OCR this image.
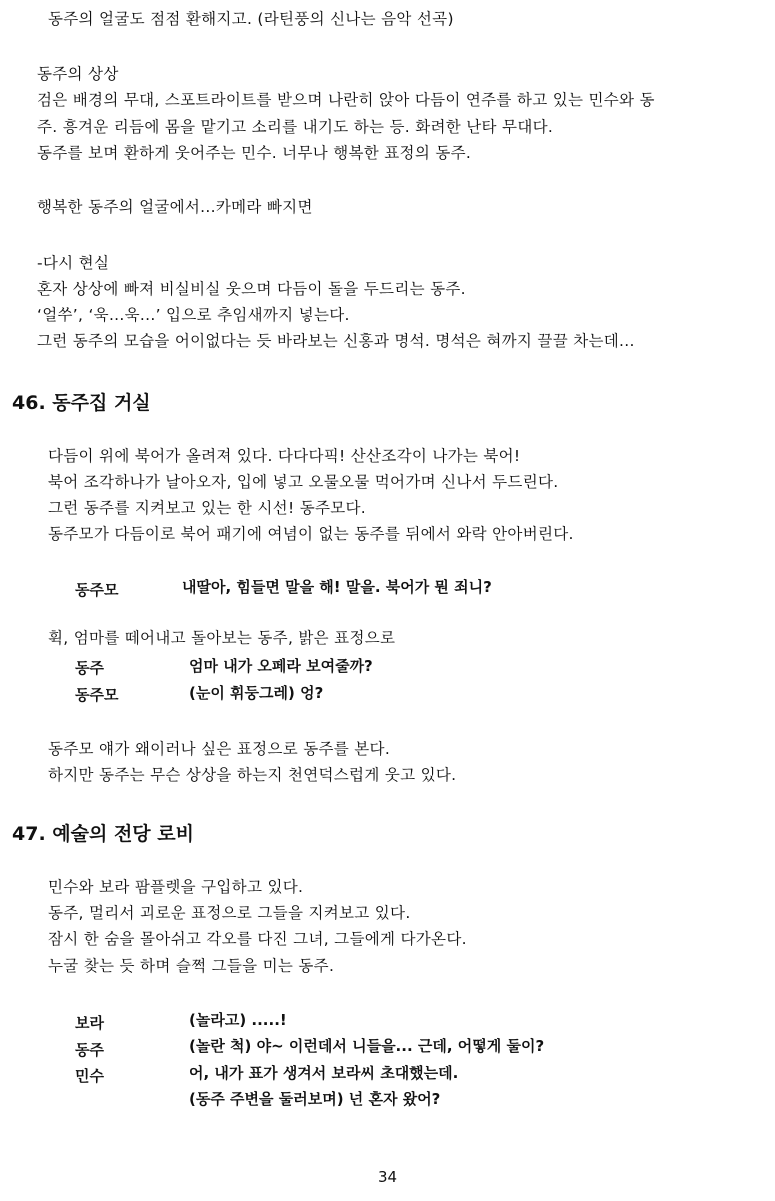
동주의 얼굴도 점점 환해지고. (라틴풍의 신나는 음악 선곡)
동주의 상상
검은 배경의 무대, 스포트라이트를 받으며 나란히 앉아 다듬이 연주를 하고 있는 민수와 동
주. 흥겨운 리듬에 몸을 맡기고 소리를 내기도 하는 등. 화려한 난타 무대다.
동주를 보며 환하게 웃어주는 민수. 너무나 행복한 표정의 동주.
행복한 동주의 얼굴에서...카메라 빠지면
-다시 현실
혼자 상상에 빠져 비실비실 웃으며 다듬이 돌을 두드리는 동주.
‘얼쑤’, ‘욱...욱...’ 입으로 추임새까지 넣는다.
그런 동주의 모습을 어이없다는 듯 바라보는 신홍과 명석. 명석은 혀까지 끌끌 차는데...
46. 동주집 거실
다듬이 위에 북어가 올려져 있다. 다다다픽! 산산조각이 나가는 북어!
북어 조각하나가 날아오자, 입에 넣고 오물오물 먹어가며 신나서 두드린다.
그런 동주를 지켜보고 있는 한 시선! 동주모다.
동주모가 다듬이로 북어 패기에 여념이 없는 동주를 뒤에서 와락 안아버린다.
동주모	내딸아, 힘들면 말을 해! 말을. 북어가 뭔 죄니?
휙, 엄마를 떼어내고 돌아보는 동주, 밝은 표정으로
동주	엄마 내가 오페라 보여줄까?
동주모	(눈이 휘둥그레) 엉?
동주모 얘가 왜이러나 싶은 표정으로 동주를 본다.
하지만 동주는 무슨 상상을 하는지 천연덕스럽게 웃고 있다.
47. 예술의 전당 로비
민수와 보라 팜플렛을 구입하고 있다.
동주, 멀리서 괴로운 표정으로 그들을 지켜보고 있다.
잠시 한 숨을 몰아쉬고 각오를 다진 그녀, 그들에게 다가온다.
누굴 찾는 듯 하며 슬쩍 그들을 미는 동주.
보라	(놀라고) .....!
동주	(놀란 척) 야~ 이런데서 니들을... 근데, 어떻게 둘이?
민수	어, 내가 표가 생겨서 보라씨 초대했는데.
(동주 주변을 둘러보며) 넌 혼자 왔어?
34
